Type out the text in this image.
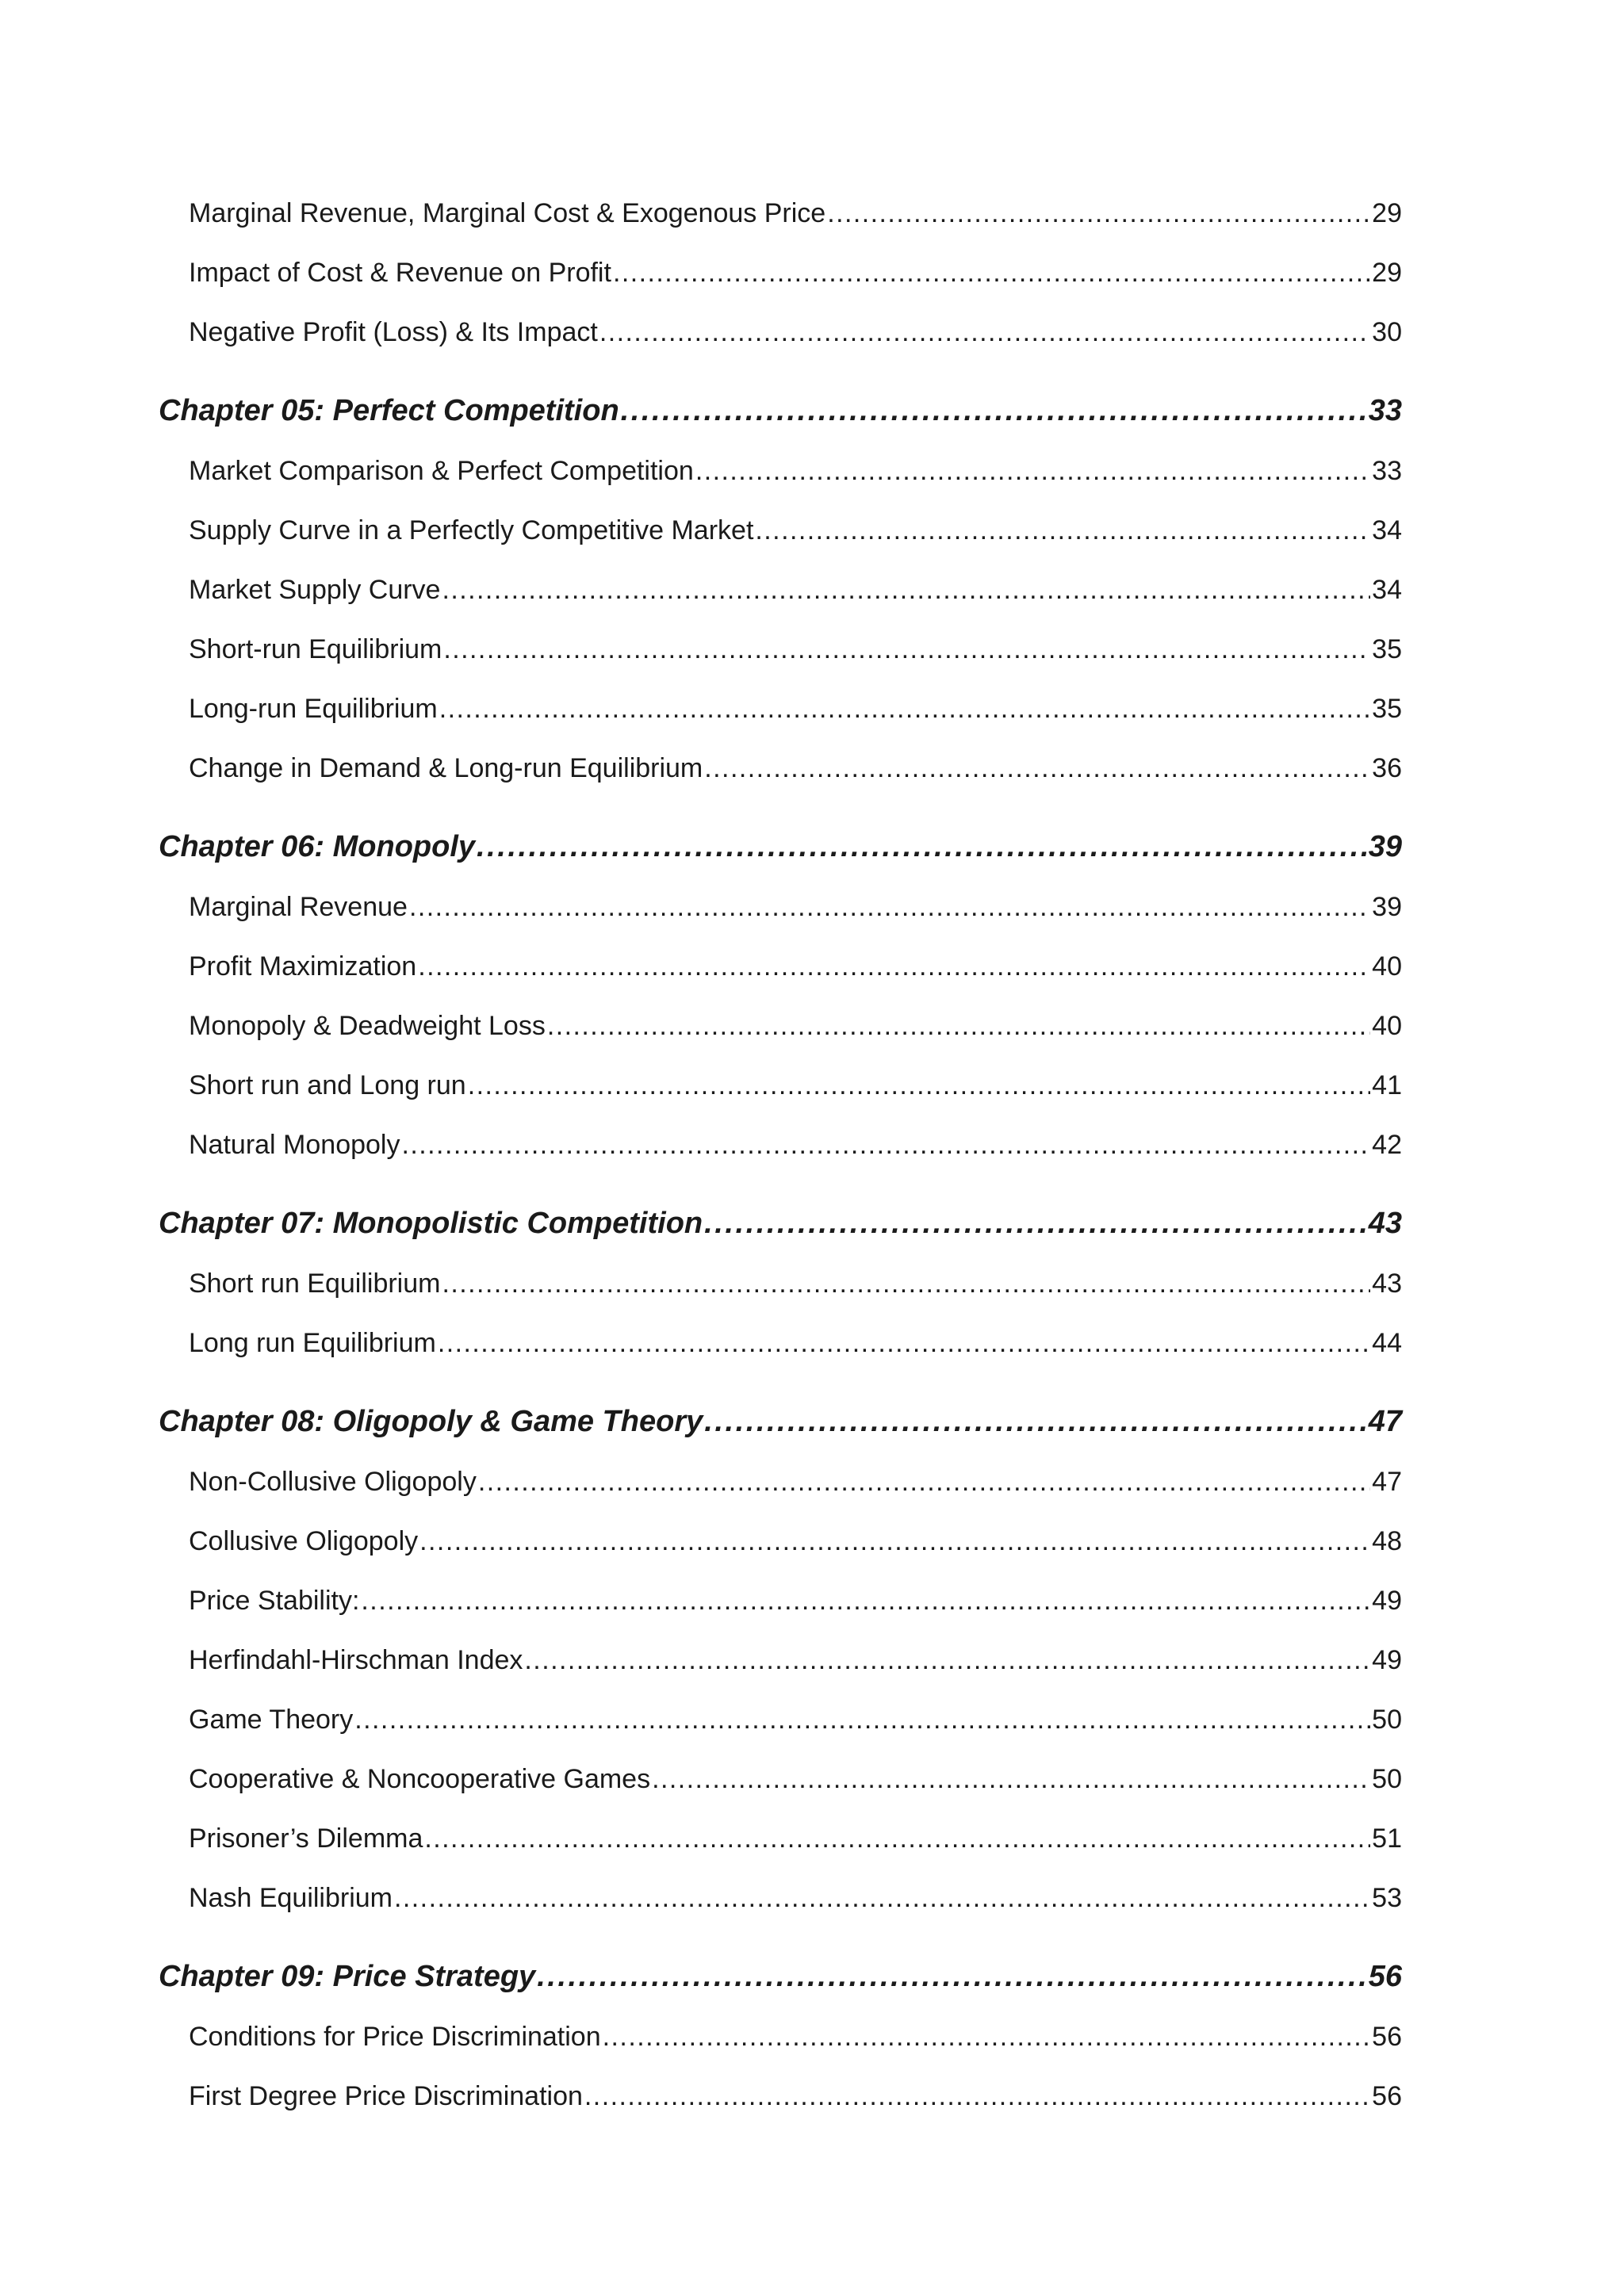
Marginal Revenue, Marginal Cost & Exogenous Price . . .	29
Impact of Cost & Revenue on Profit . . .	29
Negative Profit (Loss) & Its Impact . . .	30
Chapter 05: Perfect Competition . . .	33
Market Comparison & Perfect Competition . . .	33
Supply Curve in a Perfectly Competitive Market . . .	34
Market Supply Curve . . .	34
Short-run Equilibrium . . .	35
Long-run Equilibrium . . .	35
Change in Demand & Long-run Equilibrium . . .	36
Chapter 06: Monopoly . . .	39
Marginal Revenue . . .	39
Profit Maximization . . .	40
Monopoly & Deadweight Loss . . .	40
Short run and Long run . . .	41
Natural Monopoly . . .	42
Chapter 07: Monopolistic Competition . . .	43
Short run Equilibrium . . .	43
Long run Equilibrium . . .	44
Chapter 08: Oligopoly & Game Theory . . .	47
Non-Collusive Oligopoly . . .	47
Collusive Oligopoly . . .	48
Price Stability: . . .	49
Herfindahl-Hirschman Index . . .	49
Game Theory . . .	50
Cooperative & Noncooperative Games . . .	50
Prisoner’s Dilemma . . .	51
Nash Equilibrium . . .	53
Chapter 09: Price Strategy . . .	56
Conditions for Price Discrimination . . .	56
First Degree Price Discrimination . . .	56
